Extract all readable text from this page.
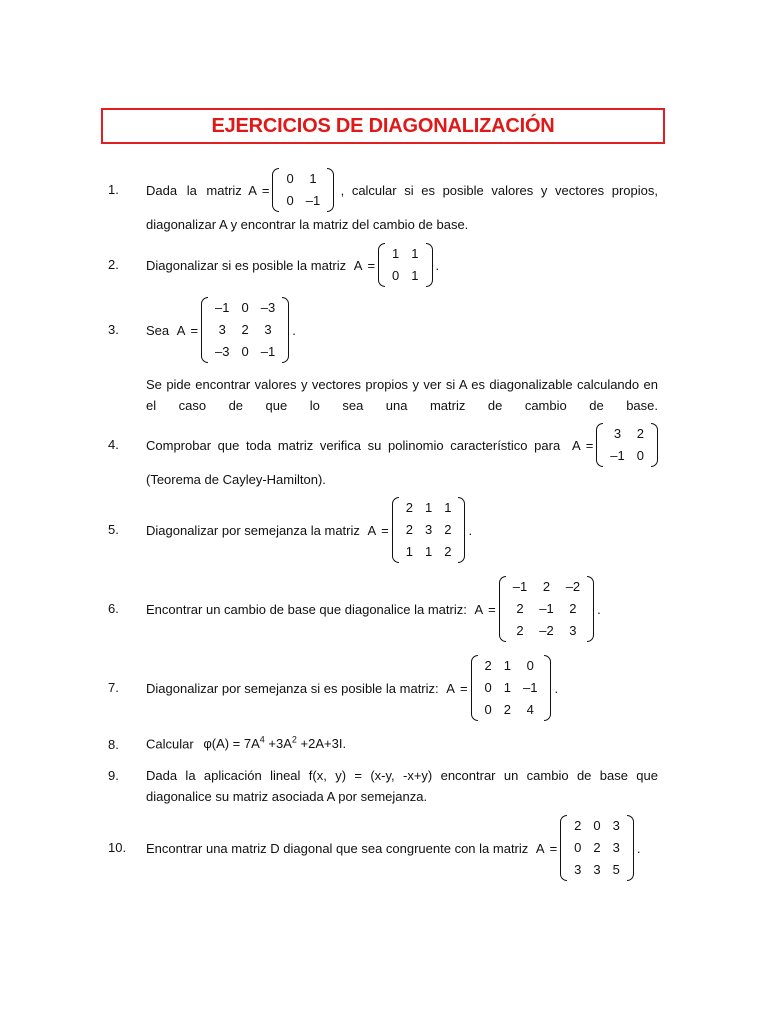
EJERCICIOS DE DIAGONALIZACIÓN
1. Dada la matriz A =
0	1
0	–1
, calcular si es posible valores y vectores propios,
diagonalizar A y encontrar la matriz del cambio de base.
2. Diagonalizar si es posible la matriz A =
1	1
0	1
.
3. Sea A =
–1	0	–3
3	2	3
–3	0	–1
.
Se pide encontrar valores y vectores propios y ver si A es diagonalizable calculando en el caso de que lo sea una matriz de cambio de base.
4. Comprobar que toda matriz verifica su polinomio característico para A =
3	2
–1	0
(Teorema de Cayley-Hamilton).
5. Diagonalizar por semejanza la matriz A =
2	1	1
2	3	2
1	1	2
.
6. Encontrar un cambio de base que diagonalice la matriz: A =
–1	2	–2
2	–1	2
2	–2	3
.
7. Diagonalizar por semejanza si es posible la matriz: A =
2	1	0
0	1	–1
0	2	4
.
8. Calcular $\varphi(A) = 7A^4 +3A^2 +2A+3I$.
9. Dada la aplicación lineal f(x, y) = (x-y, -x+y) encontrar un cambio de base que diagonalice su matriz asociada A por semejanza.
10. Encontrar una matriz D diagonal que sea congruente con la matriz A =
2	0	3
0	2	3
3	3	5
.
